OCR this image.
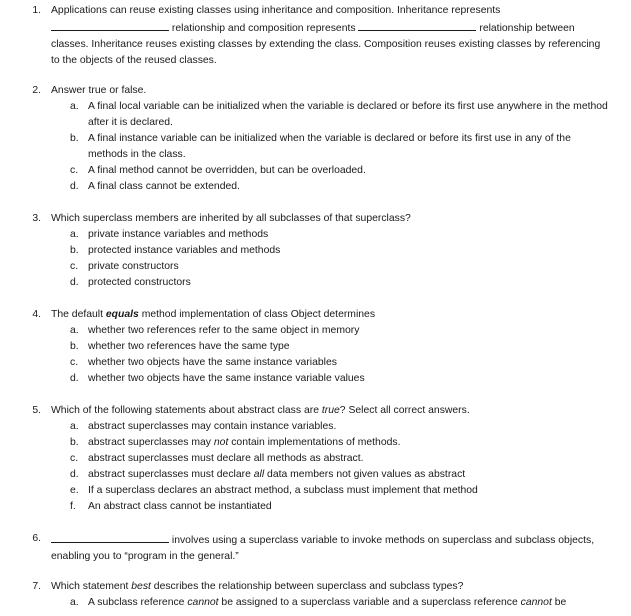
1. Applications can reuse existing classes using inheritance and composition. Inheritance represents
relationship and composition represents	relationship between
classes. Inheritance reuses existing classes by extending the class. Composition reuses existing classes by referencing
to the objects of the reused classes.
2. Answer true or false.
a. A final local variable can be initialized when the variable is declared or before its first use anywhere in the method after it is declared.
b. A final instance variable can be initialized when the variable is declared or before its first use in any of the methods in the class.
c. A final method cannot be overridden, but can be overloaded.
d. A final class cannot be extended.
3. Which superclass members are inherited by all subclasses of that superclass?
a. private instance variables and methods
b. protected instance variables and methods
c. private constructors
d. protected constructors
4. The default equals method implementation of class Object determines
a. whether two references refer to the same object in memory
b. whether two references have the same type
c. whether two objects have the same instance variables
d. whether two objects have the same instance variable values
5. Which of the following statements about abstract class are true? Select all correct answers.
a. abstract superclasses may contain instance variables.
b. abstract superclasses may not contain implementations of methods.
c. abstract superclasses must declare all methods as abstract.
d. abstract superclasses must declare all data members not given values as abstract
e. If a superclass declares an abstract method, a subclass must implement that method
f.	An abstract class cannot be instantiated
6.	involves using a superclass variable to invoke methods on superclass and subclass objects,
enabling you to “program in the general.”
7. Which statement best describes the relationship between superclass and subclass types?
a. A subclass reference cannot be assigned to a superclass variable and a superclass reference cannot be
